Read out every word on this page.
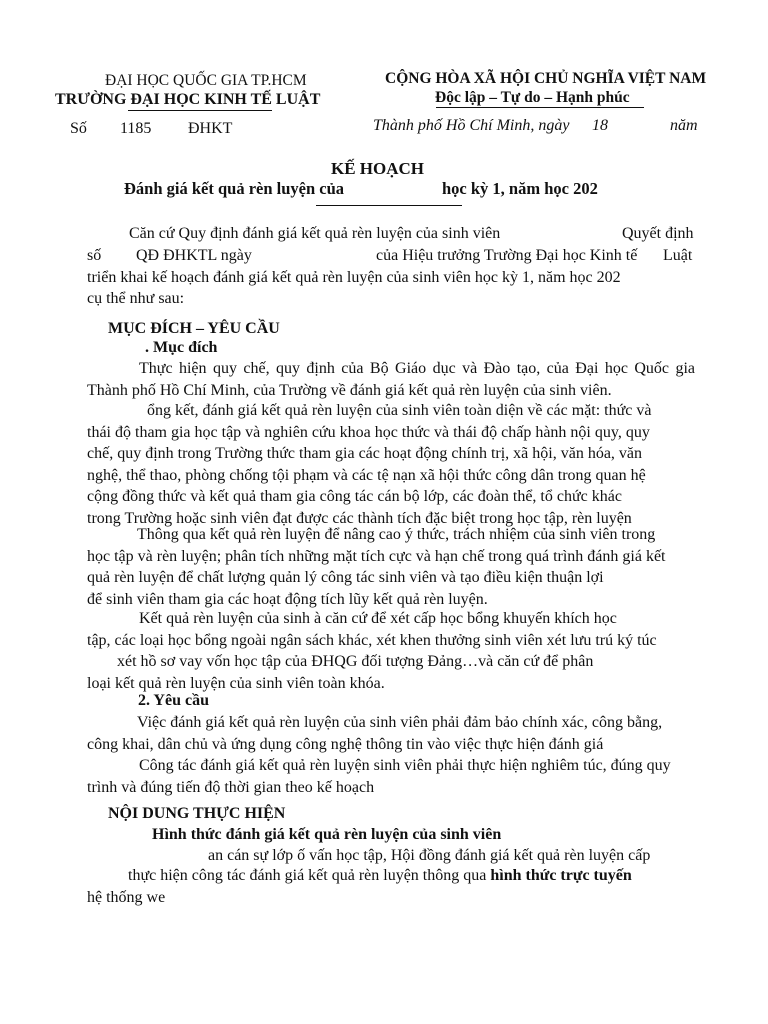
ĐẠI HỌC QUỐC GIA TP.HCM
TRƯỜNG ĐẠI HỌC KINH TẾ LUẬT
Số 1185 ĐHKT
CỘNG HÒA XÃ HỘI CHỦ NGHĨA VIỆT NAM
Độc lập – Tự do – Hạnh phúc
Thành phố Hồ Chí Minh, ngày 18	năm
KẾ HOẠCH
Đánh giá kết quả rèn luyện của	học kỳ 1, năm học 202
Căn cứ Quy định đánh giá kết quả rèn luyện của sinh viên	Quyết định
số QĐ ĐHKTL ngày	của Hiệu trưởng Trường Đại học Kinh tế Luật
triển khai kế hoạch đánh giá kết quả rèn luyện của sinh viên học kỳ 1, năm học 202
cụ thể như sau:
MỤC ĐÍCH – YÊU CẦU
. Mục đích
Thực hiện quy chế, quy định của Bộ Giáo dục và Đào tạo, của Đại học Quốc gia
Thành phố Hồ Chí Minh, của Trường về đánh giá kết quả rèn luyện của sinh viên.
ổng kết, đánh giá kết quả rèn luyện của sinh viên toàn diện về các mặt: thức và
thái độ tham gia học tập và nghiên cứu khoa học thức và thái độ chấp hành nội quy, quy
chế, quy định trong Trường thức tham gia các hoạt động chính trị, xã hội, văn hóa, văn
nghệ, thể thao, phòng chống tội phạm và các tệ nạn xã hội thức công dân trong quan hệ
cộng đồng thức và kết quả tham gia công tác cán bộ lớp, các đoàn thể, tổ chức khác
trong Trường hoặc sinh viên đạt được các thành tích đặc biệt trong học tập, rèn luyện
Thông qua kết quả rèn luyện để nâng cao ý thức, trách nhiệm của sinh viên trong
học tập và rèn luyện; phân tích những mặt tích cực và hạn chế trong quá trình đánh giá kết
quả rèn luyện để chất lượng quản lý công tác sinh viên và tạo điều kiện thuận lợi
để sinh viên tham gia các hoạt động tích lũy kết quả rèn luyện.
Kết quả rèn luyện của sinh à căn cứ để xét cấp học bổng khuyến khích học
tập, các loại học bổng ngoài ngân sách khác, xét khen thưởng sinh viên xét lưu trú ký túc
xét hồ sơ vay vốn học tập của ĐHQG đối tượng Đảng…và căn cứ để phân
loại kết quả rèn luyện của sinh viên toàn khóa.
2. Yêu cầu
Việc đánh giá kết quả rèn luyện của sinh viên phải đảm bảo chính xác, công bằng,
công khai, dân chủ và ứng dụng công nghệ thông tin vào việc thực hiện đánh giá
Công tác đánh giá kết quả rèn luyện sinh viên phải thực hiện nghiêm túc, đúng quy
trình và đúng tiến độ thời gian theo kế hoạch
NỘI DUNG THỰC HIỆN
Hình thức đánh giá kết quả rèn luyện của sinh viên
an cán sự lớp ố vấn học tập, Hội đồng đánh giá kết quả rèn luyện cấp
thực hiện công tác đánh giá kết quả rèn luyện thông qua hình thức trực tuyến
hệ thống we
